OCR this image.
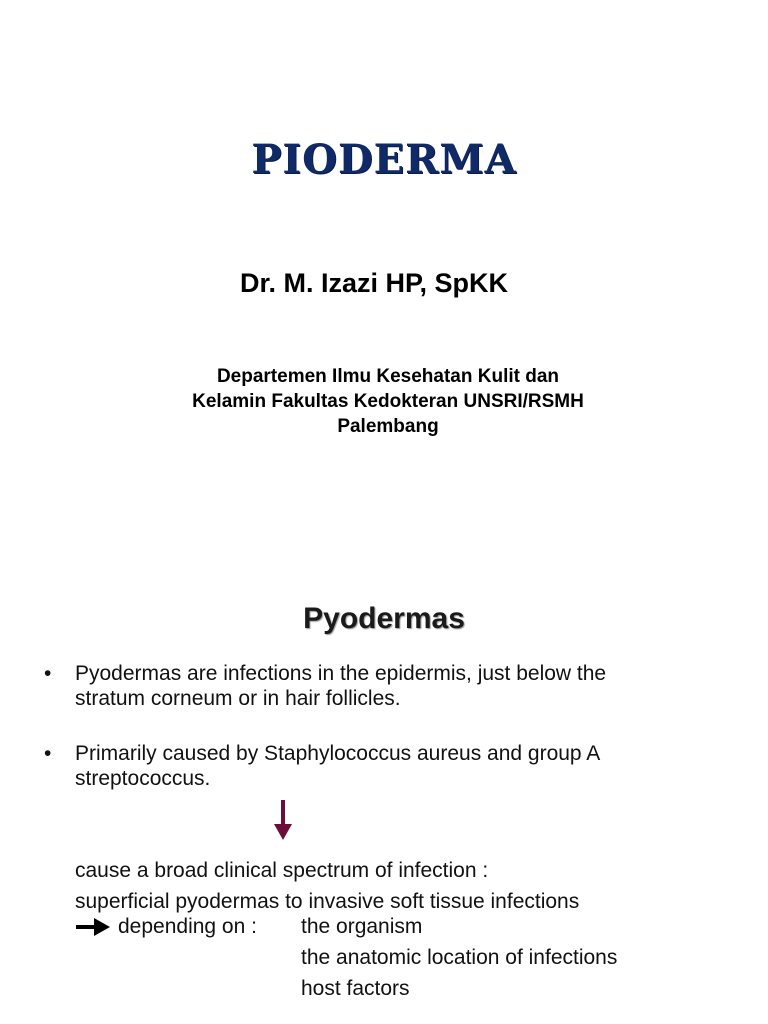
PIODERMA
Dr. M. Izazi HP, SpKK
Departemen Ilmu Kesehatan Kulit dan
Kelamin Fakultas Kedokteran UNSRI/RSMH
Palembang
Pyodermas
• Pyodermas are infections in the epidermis, just below the
stratum corneum or in hair follicles.
• Primarily caused by Staphylococcus aureus and group A
streptococcus.
cause a broad clinical spectrum of infection :
superficial pyodermas to invasive soft tissue infections
depending on : the organism
the anatomic location of infections
host factors
